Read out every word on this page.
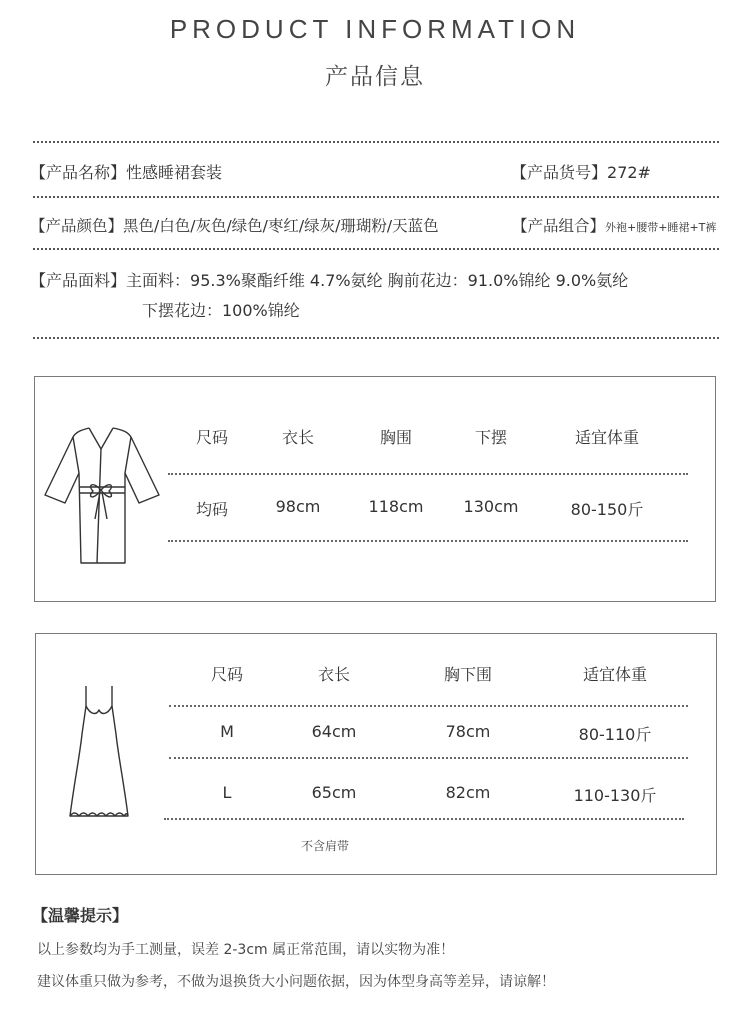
PRODUCT INFORMATION
产品信息
【产品名称】性感睡裙套装	【产品货号】272#
【产品颜色】黑色/白色/灰色/绿色/枣红/绿灰/珊瑚粉/天蓝色	【产品组合】外袍+腰带+睡裙+T裤
【产品面料】主面料：95.3%聚酯纤维 4.7%氨纶 胸前花边：91.0%锦纶 9.0%氨纶
下摆花边：100%锦纶
尺码	衣长	胸围	下摆	适宜体重
均码	98cm	118cm	130cm	80-150斤
尺码	衣长	胸下围	适宜体重
M	64cm	78cm	80-110斤
L	65cm	82cm	110-130斤
不含肩带
【温馨提示】
以上参数均为手工测量，误差 2-3cm 属正常范围，请以实物为准！
建议体重只做为参考，不做为退换货大小问题依据，因为体型身高等差异，请谅解！
